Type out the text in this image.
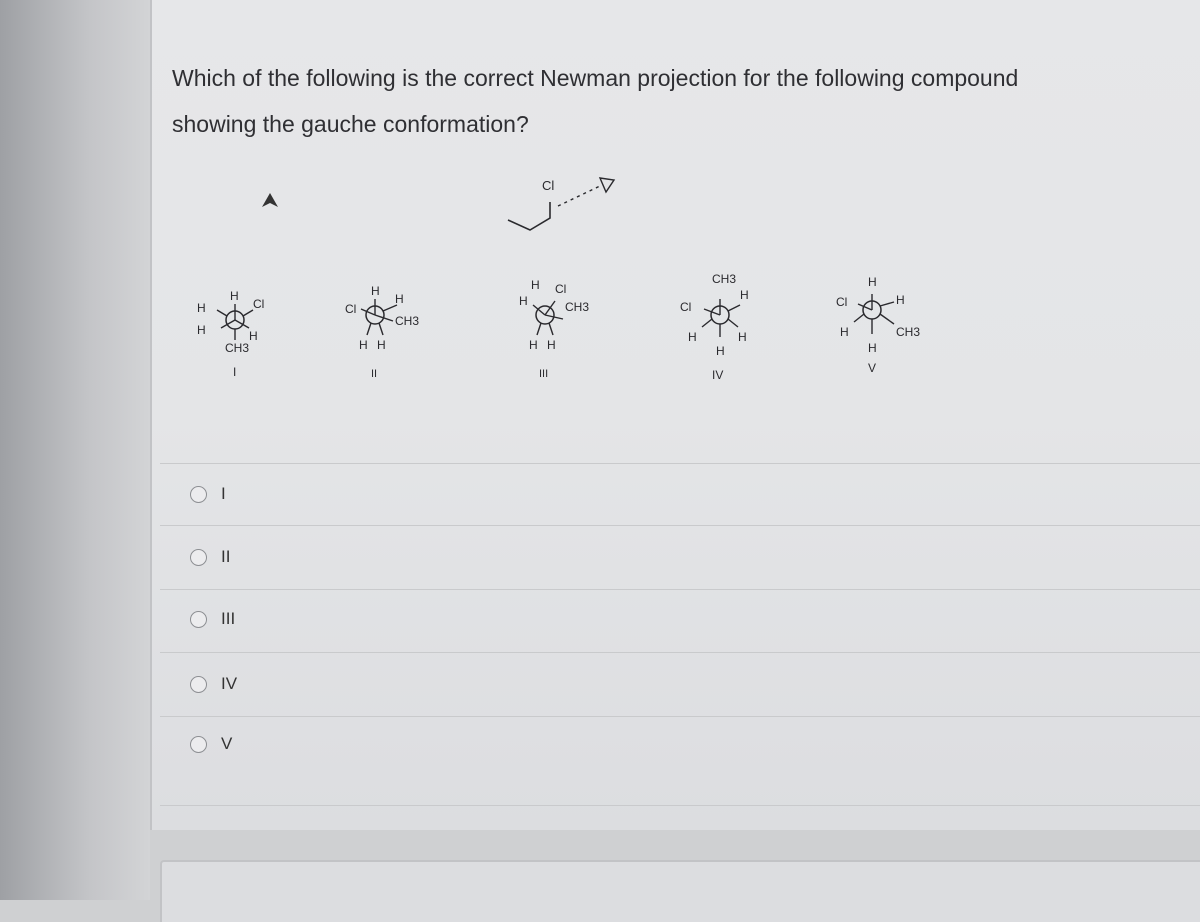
Which of the following is the correct Newman projection for the following compound
showing the gauche conformation?
Cl
H
H	Cl
H	H
CH3
I
H
Cl
H
CH3
H H
II
H
H
Cl
CH3
H H
III
CH3
Cl
H
H	H
H
IV
H
Cl	H
H	CH3
H
V
I
II
III
IV
V
